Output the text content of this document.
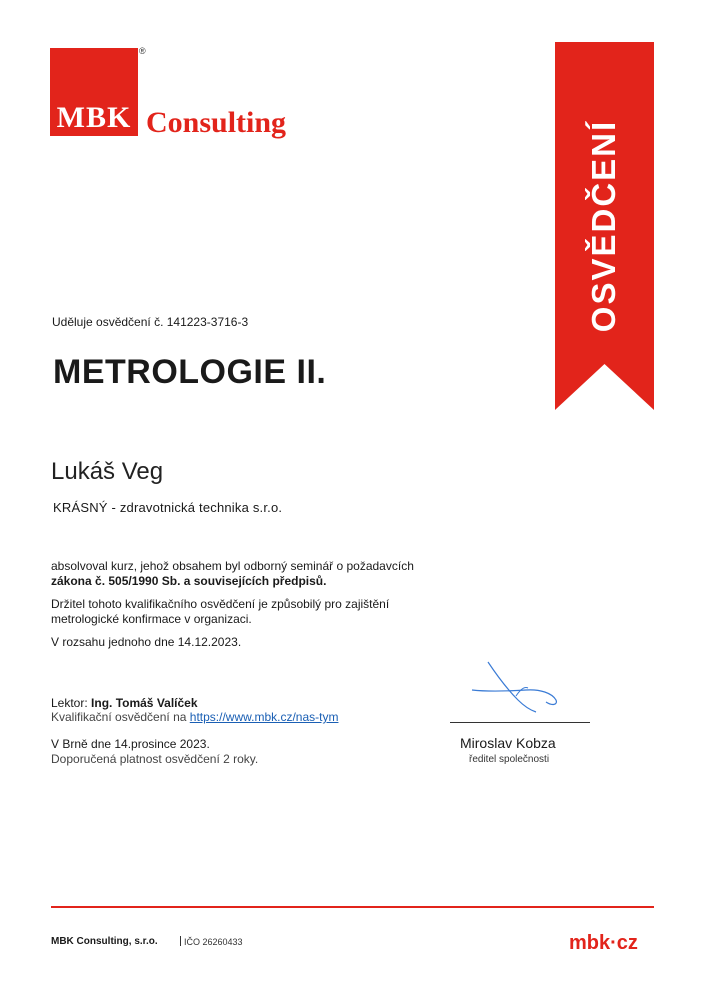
MBK
®
Consulting	OSVĚDČENÍ
Uděluje osvědčení č. 141223-3716-3
METROLOGIE II.
Lukáš Veg
KRÁSNÝ - zdravotnická technika s.r.o.
absolvoval kurz, jehož obsahem byl odborný seminář o požadavcích
zákona č. 505/1990 Sb. a souvisejících předpisů.
Držitel tohoto kvalifikačního osvědčení je způsobilý pro zajištění
metrologické konfirmace v organizaci.
V rozsahu jednoho dne 14.12.2023.
Lektor: Ing. Tomáš Valíček
Kvalifikační osvědčení na https://www.mbk.cz/nas-tym
V Brně dne 14.prosince 2023.
Doporučená platnost osvědčení 2 roky.
Miroslav Kobza
ředitel společnosti
MBK Consulting, s.r.o.	IČO 26260433	mbk·cz
